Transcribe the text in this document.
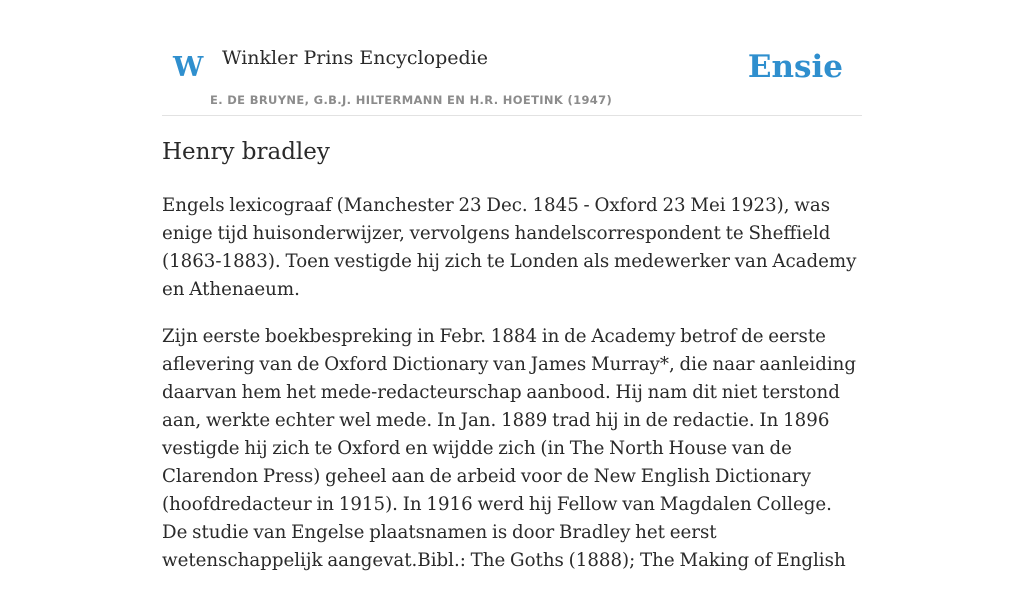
W Winkler Prins Encyclopedie
E. DE BRUYNE, G.B.J. HILTERMANN EN H.R. HOETINK (1947)
Ensie
Henry bradley

Engels lexicograaf (Manchester 23 Dec. 1845 - Oxford 23 Mei 1923), was enige tijd huisonderwijzer, vervolgens handelscorrespondent te Sheffield (1863-1883). Toen vestigde hij zich te Londen als medewerker van Academy en Athenaeum.

Zijn eerste boekbespreking in Febr. 1884 in de Academy betrof de eerste aflevering van de Oxford Dictionary van James Murray*, die naar aanleiding daarvan hem het mede-redacteurschap aanbood. Hij nam dit niet terstond aan, werkte echter wel mede. In Jan. 1889 trad hij in de redactie. In 1896 vestigde hij zich te Oxford en wijdde zich (in The North House van de Clarendon Press) geheel aan de arbeid voor de New English Dictionary (hoofdredacteur in 1915). In 1916 werd hij Fellow van Magdalen College. De studie van Engelse plaatsnamen is door Bradley het eerst wetenschappelijk aangevat.Bibl.: The Goths (1888); The Making of English
